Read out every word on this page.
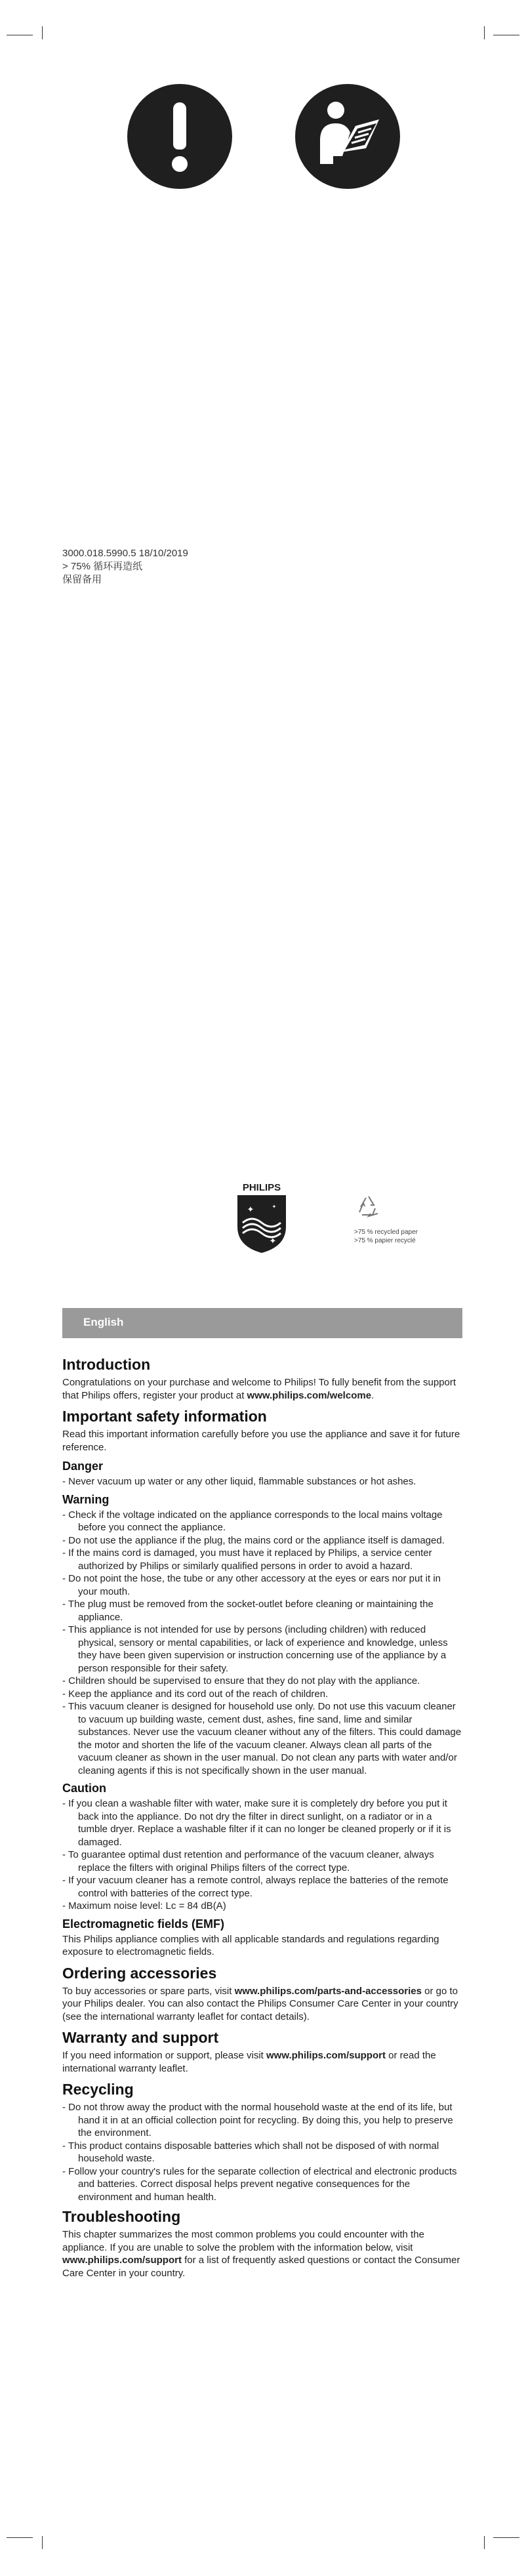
3000.018.5990.5 18/10/2019
> 75% 循环再造纸
保留备用
PHILIPS
✦
✦
✦
>75 % recycled paper
>75 % papier recyclé
English
Introduction

Congratulations on your purchase and welcome to Philips! To fully benefit from the support that Philips offers, register your product at www.philips.com/welcome.

Important safety information

Read this important information carefully before you use the appliance and save it for future reference.

Danger
- Never vacuum up water or any other liquid, flammable substances or hot ashes.
Warning
- Check if the voltage indicated on the appliance corresponds to the local mains voltage before you connect the appliance.
- Do not use the appliance if the plug, the mains cord or the appliance itself is damaged.
- If the mains cord is damaged, you must have it replaced by Philips, a service center authorized by Philips or similarly qualified persons in order to avoid a hazard.
- Do not point the hose, the tube or any other accessory at the eyes or ears nor put it in your mouth.
- The plug must be removed from the socket-outlet before cleaning or maintaining the appliance.
- This appliance is not intended for use by persons (including children) with reduced physical, sensory or mental capabilities, or lack of experience and knowledge, unless they have been given supervision or instruction concerning use of the appliance by a person responsible for their safety.
- Children should be supervised to ensure that they do not play with the appliance.
- Keep the appliance and its cord out of the reach of children.
- This vacuum cleaner is designed for household use only. Do not use this vacuum cleaner to vacuum up building waste, cement dust, ashes, fine sand, lime and similar substances. Never use the vacuum cleaner without any of the filters. This could damage the motor and shorten the life of the vacuum cleaner. Always clean all parts of the vacuum cleaner as shown in the user manual. Do not clean any parts with water and/or cleaning agents if this is not specifically shown in the user manual.
Caution
- If you clean a washable filter with water, make sure it is completely dry before you put it back into the appliance. Do not dry the filter in direct sunlight, on a radiator or in a tumble dryer. Replace a washable filter if it can no longer be cleaned properly or if it is damaged.
- To guarantee optimal dust retention and performance of the vacuum cleaner, always replace the filters with original Philips filters of the correct type.
- If your vacuum cleaner has a remote control, always replace the batteries of the remote control with batteries of the correct type.
- Maximum noise level: Lc = 84 dB(A)
Electromagnetic fields (EMF)

This Philips appliance complies with all applicable standards and regulations regarding exposure to electromagnetic fields.

Ordering accessories

To buy accessories or spare parts, visit www.philips.com/parts-and-accessories or go to your Philips dealer. You can also contact the Philips Consumer Care Center in your country (see the international warranty leaflet for contact details).

Warranty and support

If you need information or support, please visit www.philips.com/support or read the international warranty leaflet.

Recycling
- Do not throw away the product with the normal household waste at the end of its life, but hand it in at an official collection point for recycling. By doing this, you help to preserve the environment.
- This product contains disposable batteries which shall not be disposed of with normal household waste.
- Follow your country's rules for the separate collection of electrical and electronic products and batteries. Correct disposal helps prevent negative consequences for the environment and human health.
Troubleshooting

This chapter summarizes the most common problems you could encounter with the appliance. If you are unable to solve the problem with the information below, visit www.philips.com/support for a list of frequently asked questions or contact the Consumer Care Center in your country.
